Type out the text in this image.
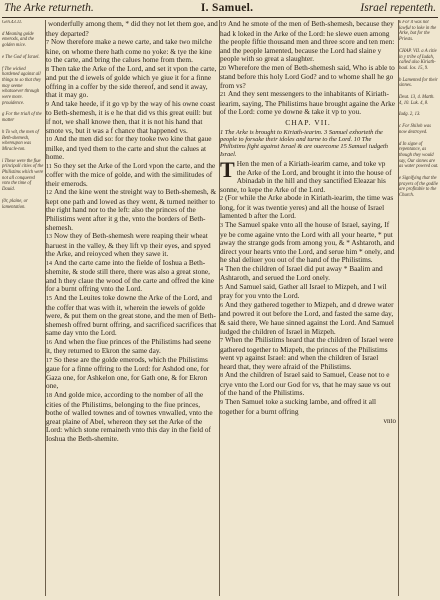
The Arke returneth.	I. Samuel.	Israel repenteth.

Gen.43.11.

d Meaning golde emerods, and the golden mice.

e The God of Israel.

f The wicked hardened against all things to so that they may seeme whatsoever through were more. prouidence.

g For the triall of the matter

h To wit, the men of Beth-shemesh, whereupon was Miracle-ton.

i These were the fiue principall cities of the Philistims which were not all conquered vnto the time of Dauid.

(0r, plaine, or lamentation.

wonderfully among them, * did they not let them goe, and they departed?

7 Now therefore make a newe carte, and take two milche kine, on whome there hath come no yoke: & tye the kine to the carte, and bring the calues home from them.

8 Then take the Arke of the Lord, and set it vpon the carte, and put the d iewels of golde which ye giue it for a finne offring in a coffer by the side thereof, and send it away, that it may go.

9 And take heede, if it go vp by the way of his owne coast to Beth-shemesh, it is e he that did vs this great euill: but if not, we shall knowe then, that it is not his hand that smote vs, but it was a f chance that happened vs.

10 And the men did so: for they tooke two kine that gaue milke, and tyed them to the carte and shut the calues at home.

11 So they set the Arke of the Lord vpon the carte, and the coffer with the mice of golde, and with the similitudes of their emerods.

12 And the kine went the streight way to Beth-shemesh, & kept one path and lowed as they went, & turned neither to the right hand nor to the left: also the princes of the Philistims went after it g the, vnto the borders of Beth-shemesh.

13 Now they of Beth-shemesh were reaping their wheat haruest in the valley, & they lift vp their eyes, and spyed the Arke, and reioyced when they sawe it.

14 And the carte came into the fielde of Ioshua a Beth-shemite, & stode still there, there was also a great stone, and h they claue the wood of the carte and offred the kine for a burnt offring vnto the Lord.

15 And the Leuites toke downe the Arke of the Lord, and the coffer that was with it, wherein the iewels of golde were, & put them on the great stone, and the men of Beth-shemesh offred burnt offring, and sacrificed sacrifices that same day vnto the Lord.

16 And when the fiue princes of the Philistims had seene it, they returned to Ekron the same day.

17 So these are the golde emerods, which the Philistims gaue for a finne offring to the Lord: for Ashdod one, for Gaza one, for Ashkelon one, for Gath one, & for Ekron one,

18 And golde mice, according to the nomber of all the cities of the Philistims, belonging to the fiue princes, bothe of walled townes and of townes vnwalled, vnto the great plaine of Abel, whereon they set the Arke of the Lord: which stone remaineth vnto this day in the field of Ioshua the Beth-shemite.

19 And he smote of the men of Beth-shemesh, because they had k loked in the Arke of the Lord: he slewe euen among the people fiftie thousand men and three score and ten men: and the people lamented, because the Lord had slaine y people with so great a slaughter.

20 Wherefore the men of Beth-shemesh said, Who is able to stand before this holy Lord God? and to whome shall he go from vs?

21 And they sent messengers to the inhabitants of Kiriath-iearim, saying, The Philistims haue brought againe the Arke of the Lord: come ye downe & take it vp to you.

CHAP. VII.

1 The Arke is brought to Kiriath-iearim. 3 Samuel exhorteth the people to forsake their idoles and turne to the Lord. 10 The Philistims fight against Israel & are ouercome 15 Samuel iudgeth Israel.

T Hen the men of a Kiriath-iearim came, and toke vp the Arke of the Lord, and brought it into the house of Abinadab in the hill and they sanctified Eleazar his sonne, to kepe the Arke of the Lord.

2 (For while the Arke abode in Kiriath-iearim, the time was long, for it was twentie yeres) and all the house of Israel lamented b after the Lord.

3 The Samuel spake vnto all the house of Israel, saying, If ye be come againe vnto the Lord with all your hearte, * put away the strange gods from among you, & * Ashtaroth, and direct your hearts vnto the Lord, and serue him * onely, and he shal deliuer you out of the hand of the Philistims.

4 Then the children of Israel did put away * Baalim and Ashtaroth, and serued the Lord onely.

5 And Samuel said, Gather all Israel to Mizpeh, and I wil pray for you vnto the Lord.

6 And they gathered together to Mizpeh, and d drewe water and powred it out before the Lord, and fasted the same day, & said there, We haue sinned against the Lord. And Samuel iudged the children of Israel in Mizpeh.

7 When the Philistims heard that the children of Israel were gathered together to Mizpeh, the princes of the Philistims went vp against Israel: and when the children of Israel heard that, they were afraid of the Philistims.

8 And the children of Israel said to Samuel, Cease not to e crye vnto the Lord our God for vs, that he may saue vs out of the hand of the Philistims.

9 Then Samuel toke a sucking lambe, and offred it all together for a burnt offring

vnto

k For it was not lawful to loke in the Arke, but for the Priests.

CHAP. VII. a A citie in y tribe of Iudah, called also Kiriath-baal. Ios. 15, 9.

b Lamented for their sinnes.

Deut. 13, 4. Matth. 4, 10. Luk. 4, 8.

Iudg. 2, 13.

c For Shiloh was now destroyed.

d In signe of repentance, as though they would say, Our sinnes are as water powred out.

e Signifying that the prayers of the godlie are profitable to the Church.
